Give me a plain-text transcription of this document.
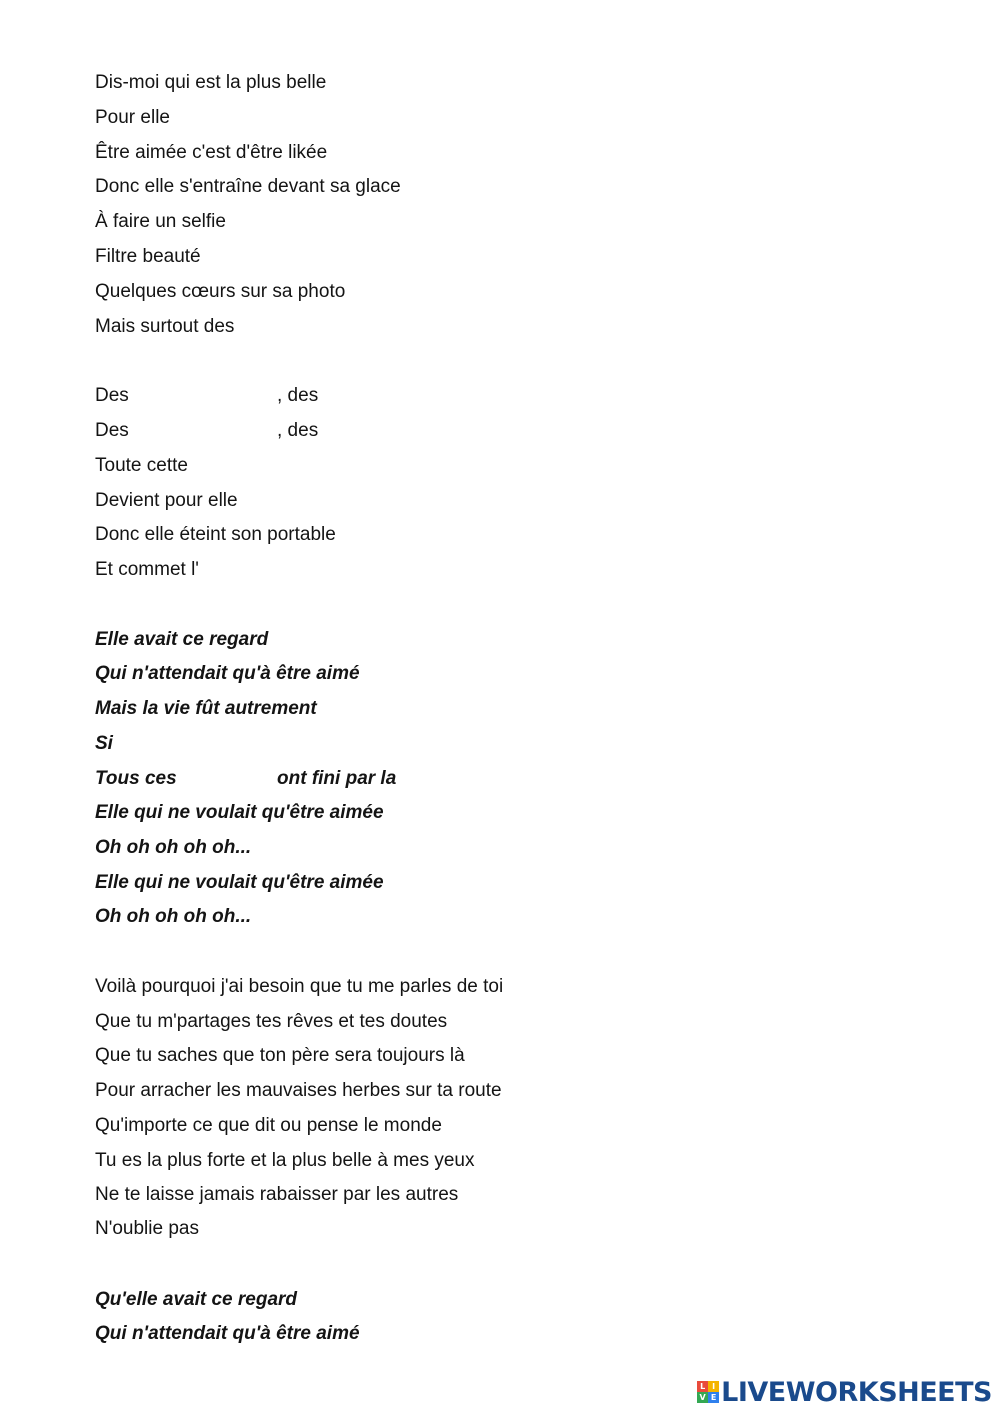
Dis-moi qui est la plus belle
Pour elle
Être aimée c'est d'être likée
Donc elle s'entraîne devant sa glace
À faire un selfie
Filtre beauté
Quelques cœurs sur sa photo
Mais surtout des
Des	, des
Des	, des
Toute cette
Devient pour elle
Donc elle éteint son portable
Et commet l'
Elle avait ce regard
Qui n'attendait qu'à être aimé
Mais la vie fût autrement
Si
Tous ces	ont fini par la
Elle qui ne voulait qu'être aimée
Oh oh oh oh oh...
Elle qui ne voulait qu'être aimée
Oh oh oh oh oh...
Voilà pourquoi j'ai besoin que tu me parles de toi
Que tu m'partages tes rêves et tes doutes
Que tu saches que ton père sera toujours là
Pour arracher les mauvaises herbes sur ta route
Qu'importe ce que dit ou pense le monde
Tu es la plus forte et la plus belle à mes yeux
Ne te laisse jamais rabaisser par les autres
N'oublie pas
Qu'elle avait ce regard
Qui n'attendait qu'à être aimé
L I
V E LIVEWORKSHEETS
